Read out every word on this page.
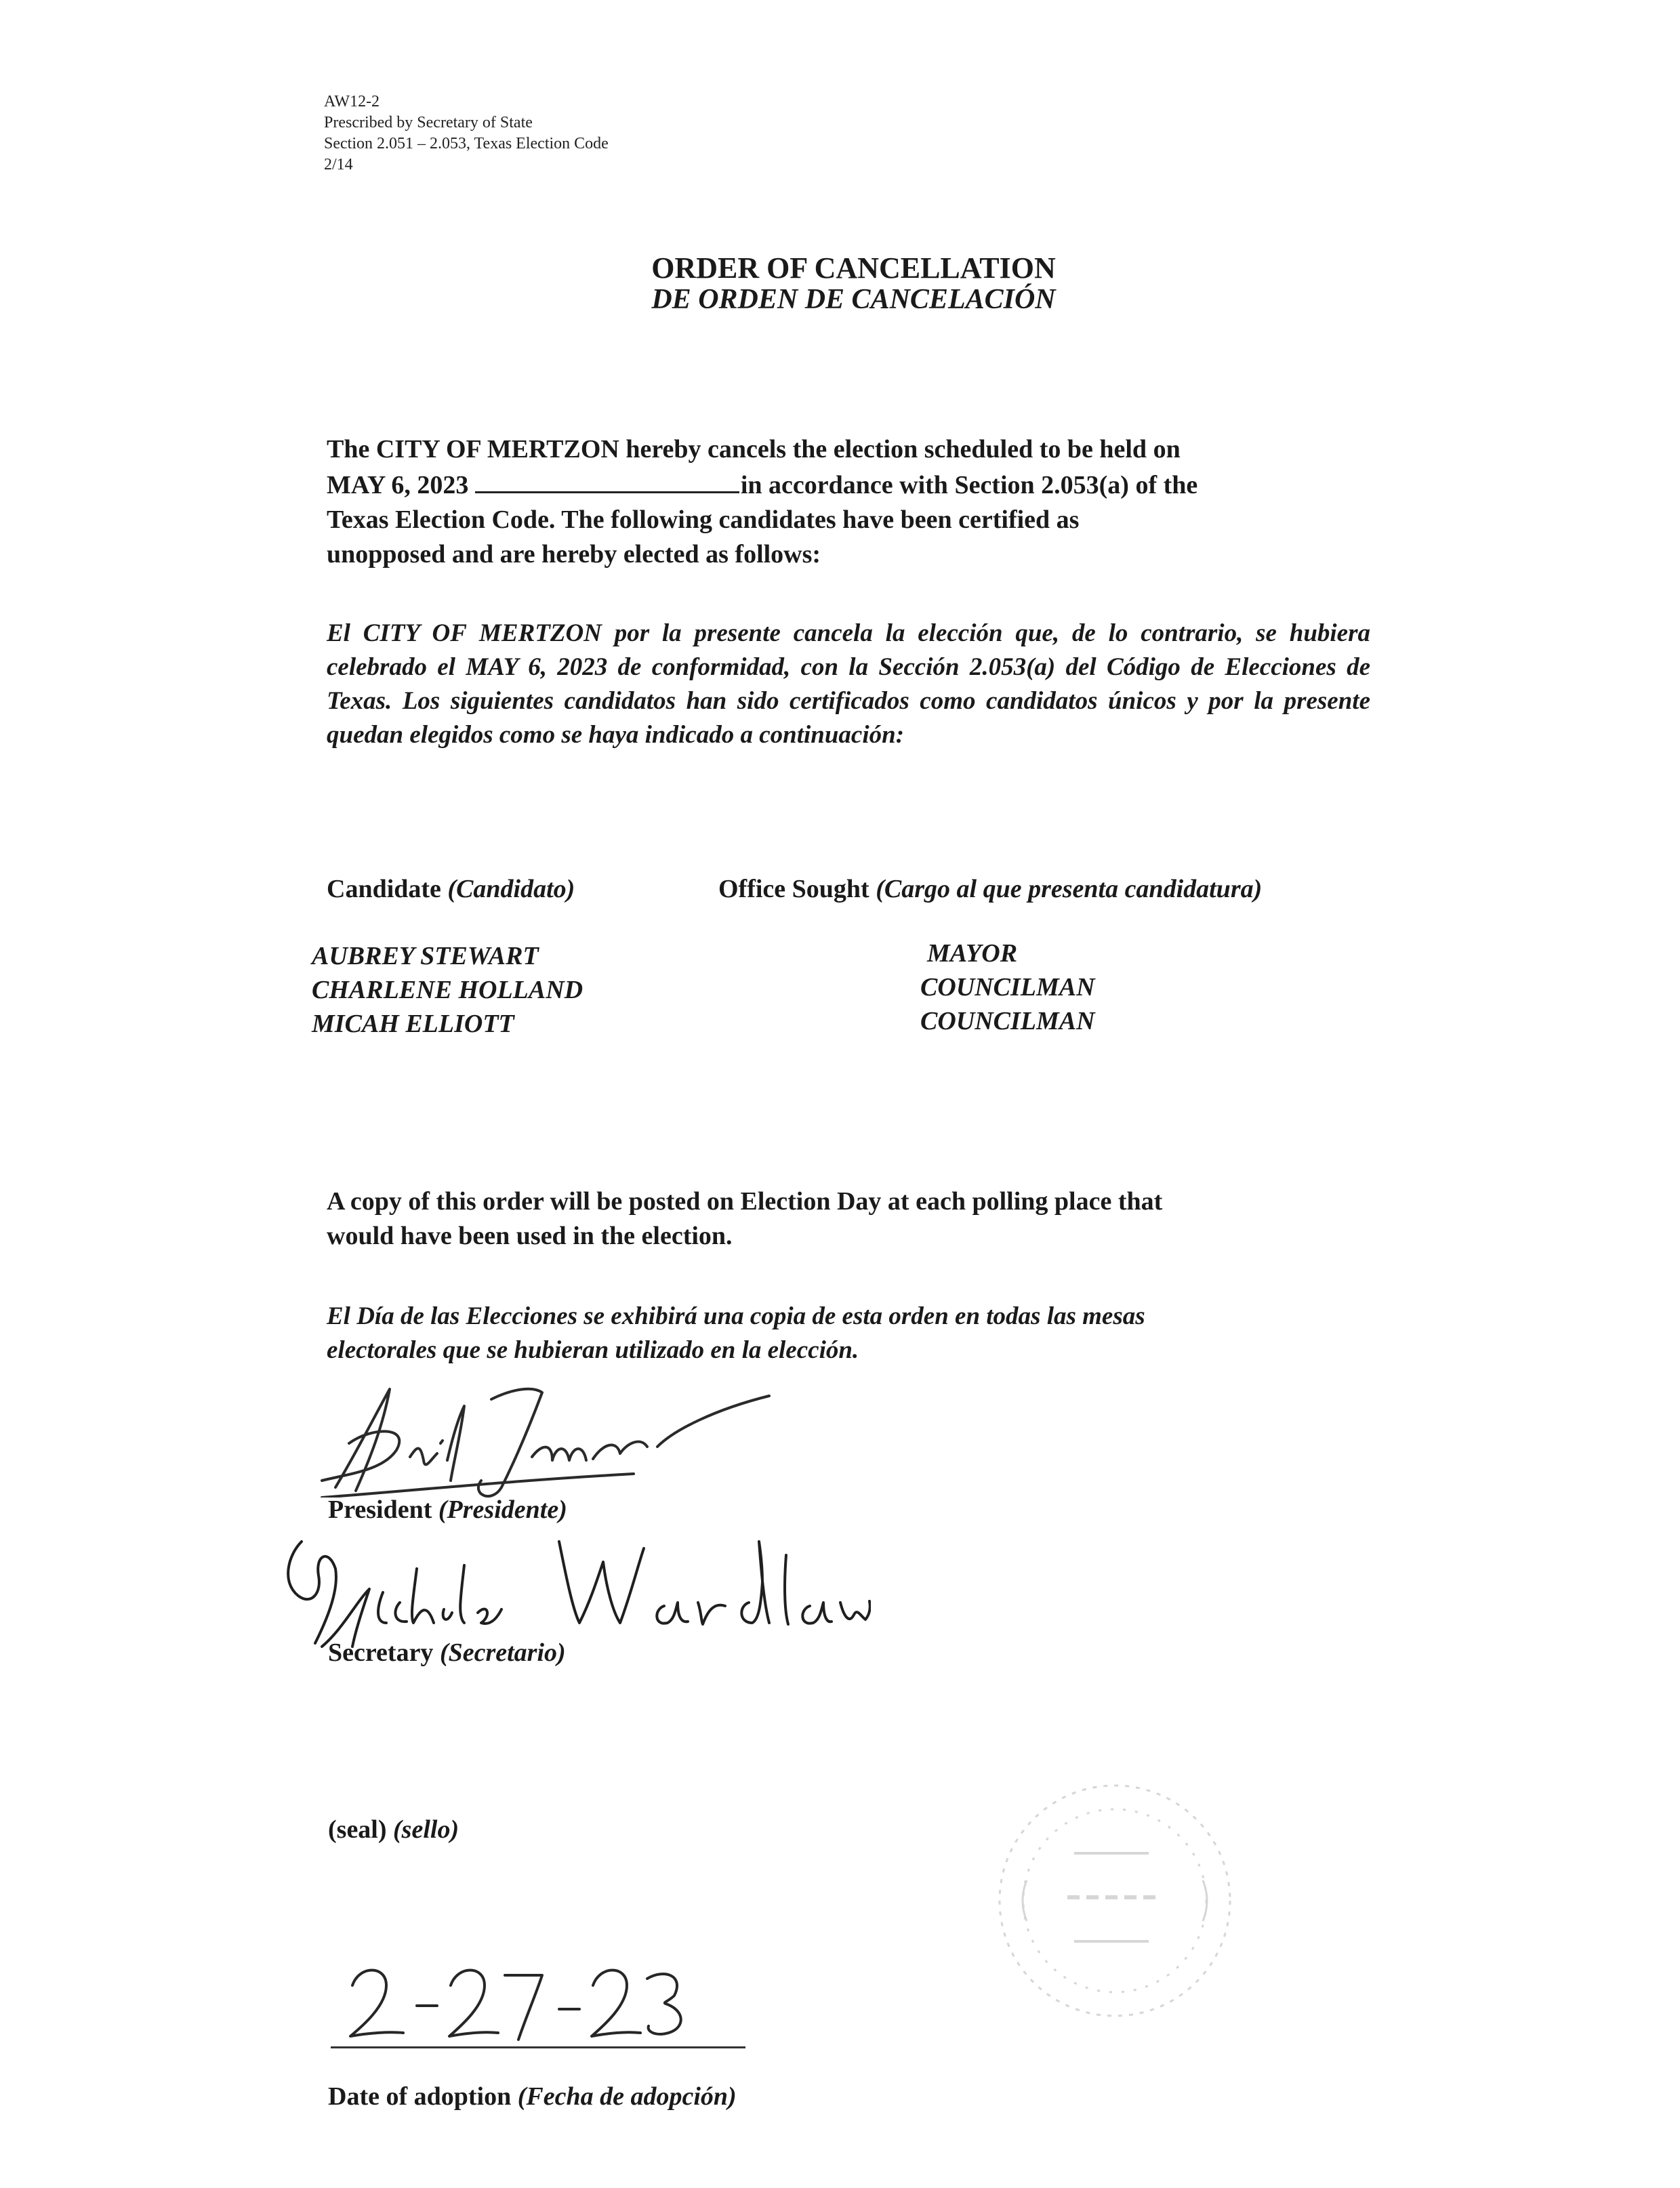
AW12-2
Prescribed by Secretary of State
Section 2.051 – 2.053, Texas Election Code
2/14
ORDER OF CANCELLATION
DE ORDEN DE CANCELACIÓN
The CITY OF MERTZON hereby cancels the election scheduled to be held on
MAY 6, 2023	in accordance with Section 2.053(a) of the
Texas Election Code. The following candidates have been certified as
unopposed and are hereby elected as follows:
El CITY OF MERTZON por la presente cancela la elección que, de lo contrario, se hubiera celebrado el MAY 6, 2023 de conformidad, con la Sección 2.053(a) del Código de Elecciones de Texas. Los siguientes candidatos han sido certificados como candidatos únicos y por la presente quedan elegidos como se haya indicado a continuación:
Candidate (Candidato)	Office Sought (Cargo al que presenta candidatura)
AUBREY STEWART
CHARLENE HOLLAND
MICAH ELLIOTT
MAYOR
COUNCILMAN
COUNCILMAN
A copy of this order will be posted on Election Day at each polling place that
would have been used in the election.
El Día de las Elecciones se exhibirá una copia de esta orden en todas las mesas
electorales que se hubieran utilizado en la elección.
President (Presidente)
Secretary (Secretario)
(seal) (sello)
Date of adoption (Fecha de adopción)
